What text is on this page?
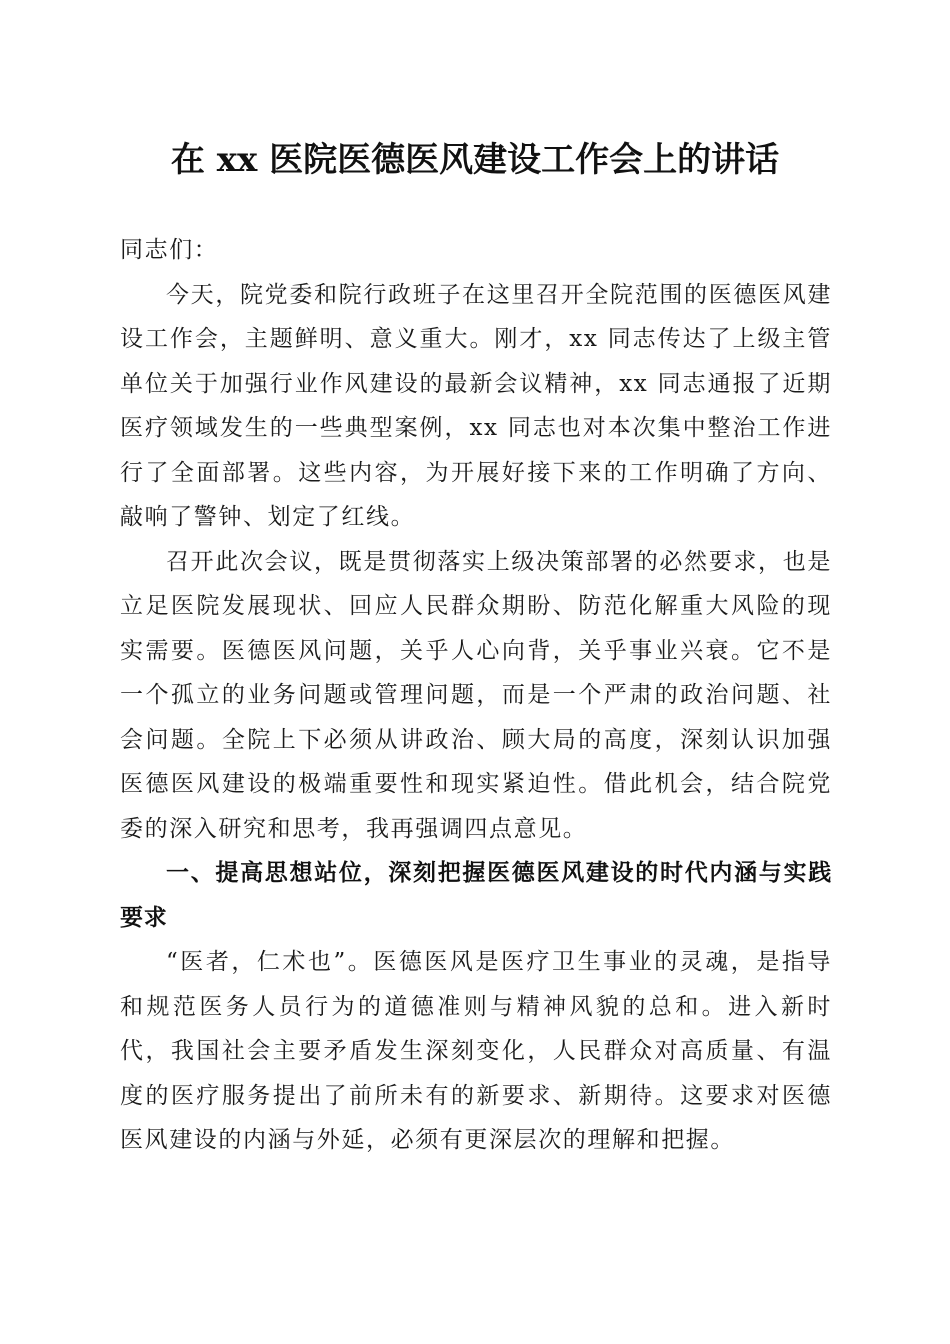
在 xx 医院医德医风建设工作会上的讲话

同志们：

今天，院党委和院行政班子在这里召开全院范围的医德医风建设工作会，主题鲜明、意义重大。刚才，xx 同志传达了上级主管单位关于加强行业作风建设的最新会议精神，xx 同志通报了近期医疗领域发生的一些典型案例，xx 同志也对本次集中整治工作进行了全面部署。这些内容，为开展好接下来的工作明确了方向、敲响了警钟、划定了红线。

召开此次会议，既是贯彻落实上级决策部署的必然要求，也是立足医院发展现状、回应人民群众期盼、防范化解重大风险的现实需要。医德医风问题，关乎人心向背，关乎事业兴衰。它不是一个孤立的业务问题或管理问题，而是一个严肃的政治问题、社会问题。全院上下必须从讲政治、顾大局的高度，深刻认识加强医德医风建设的极端重要性和现实紧迫性。借此机会，结合院党委的深入研究和思考，我再强调四点意见。

一、提高思想站位，深刻把握医德医风建设的时代内涵与实践要求

“医者，仁术也”。医德医风是医疗卫生事业的灵魂，是指导和规范医务人员行为的道德准则与精神风貌的总和。进入新时代，我国社会主要矛盾发生深刻变化，人民群众对高质量、有温度的医疗服务提出了前所未有的新要求、新期待。这要求对医德医风建设的内涵与外延，必须有更深层次的理解和把握。
